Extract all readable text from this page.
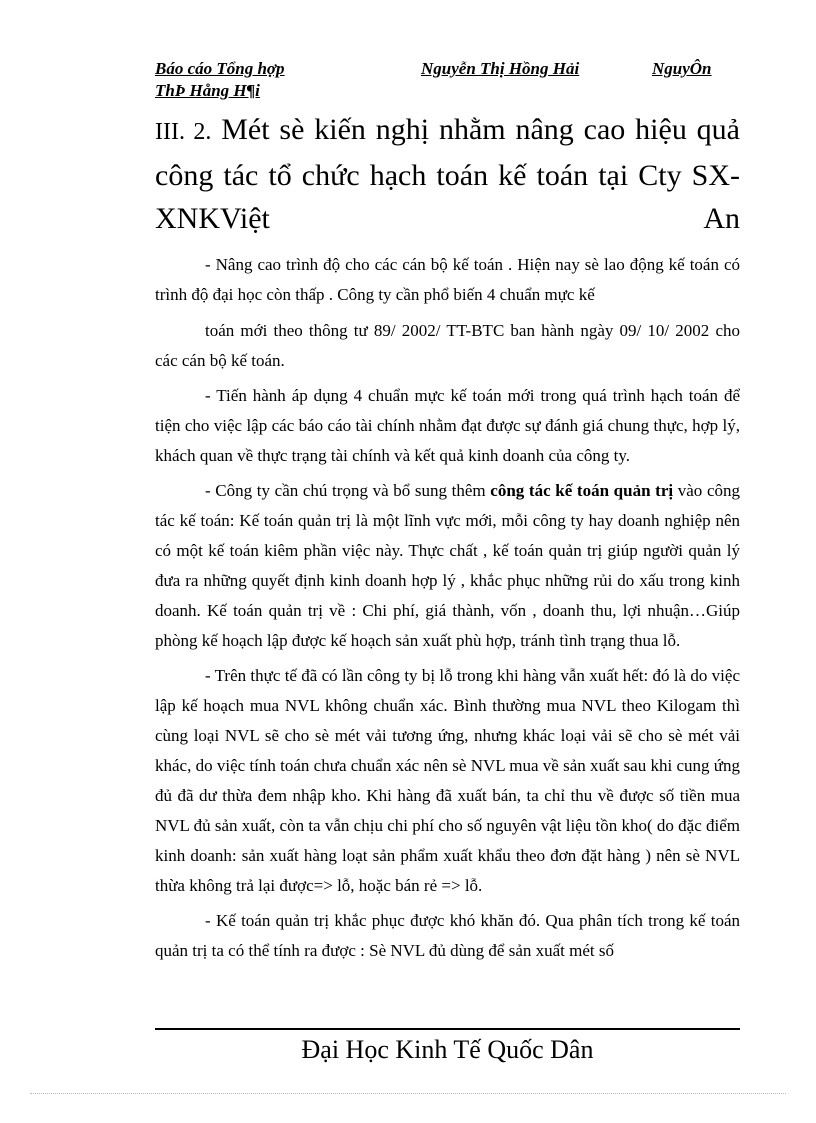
Báo cáo Tổng hợp	Nguyễn Thị Hồng Hải	NguyÔn
ThÞ Hång H¶i
III. 2. Mét sè kiến nghị nhằm nâng cao hiệu quả công tác tổ chức hạch toán kế toán tại Cty SX- XNKViệt An

- Nâng cao trình độ cho các cán bộ kế toán . Hiện nay sè lao động kế toán có trình độ đại học còn thấp . Công ty cần phổ biến 4 chuẩn mực kế

toán mới theo thông tư 89/ 2002/ TT-BTC ban hành ngày 09/ 10/ 2002 cho các cán bộ kế toán.

- Tiến hành áp dụng 4 chuẩn mực kế toán mới trong quá trình hạch toán để tiện cho việc lập các báo cáo tài chính nhằm đạt được sự đánh giá chung thực, hợp lý, khách quan về thực trạng tài chính và kết quả kinh doanh của công ty.

- Công ty cần chú trọng và bổ sung thêm công tác kế toán quản trị vào công tác kế toán: Kế toán quản trị là một lĩnh vực mới, mỗi công ty hay doanh nghiệp nên có một kế toán kiêm phần việc này. Thực chất , kế toán quản trị giúp người quản lý đưa ra những quyết định kinh doanh hợp lý , khắc phục những rủi do xấu trong kinh doanh. Kế toán quản trị về : Chi phí, giá thành, vốn , doanh thu, lợi nhuận…Giúp phòng kế hoạch lập được kế hoạch sản xuất phù hợp, tránh tình trạng thua lỗ.

- Trên thực tế đã có lần công ty bị lỗ trong khi hàng vẫn xuất hết: đó là do việc lập kế hoạch mua NVL không chuẩn xác. Bình thường mua NVL theo Kilogam thì cùng loại NVL sẽ cho sè mét vải tương ứng, nhưng khác loại vải sẽ cho sè mét vải khác, do việc tính toán chưa chuẩn xác nên sè NVL mua về sản xuất sau khi cung ứng đủ đã dư thừa đem nhập kho. Khi hàng đã xuất bán, ta chỉ thu về được số tiền mua NVL đủ sản xuất, còn ta vẫn chịu chi phí cho số nguyên vật liệu tồn kho( do đặc điểm kinh doanh: sản xuất hàng loạt sản phẩm xuất khẩu theo đơn đặt hàng ) nên sè NVL thừa không trả lại được=> lỗ, hoặc bán rẻ => lỗ.

- Kế toán quản trị khắc phục được khó khăn đó. Qua phân tích trong kế toán quản trị ta có thể tính ra được : Sè NVL đủ dùng để sản xuất mét số

Đại Học Kinh Tế Quốc Dân
